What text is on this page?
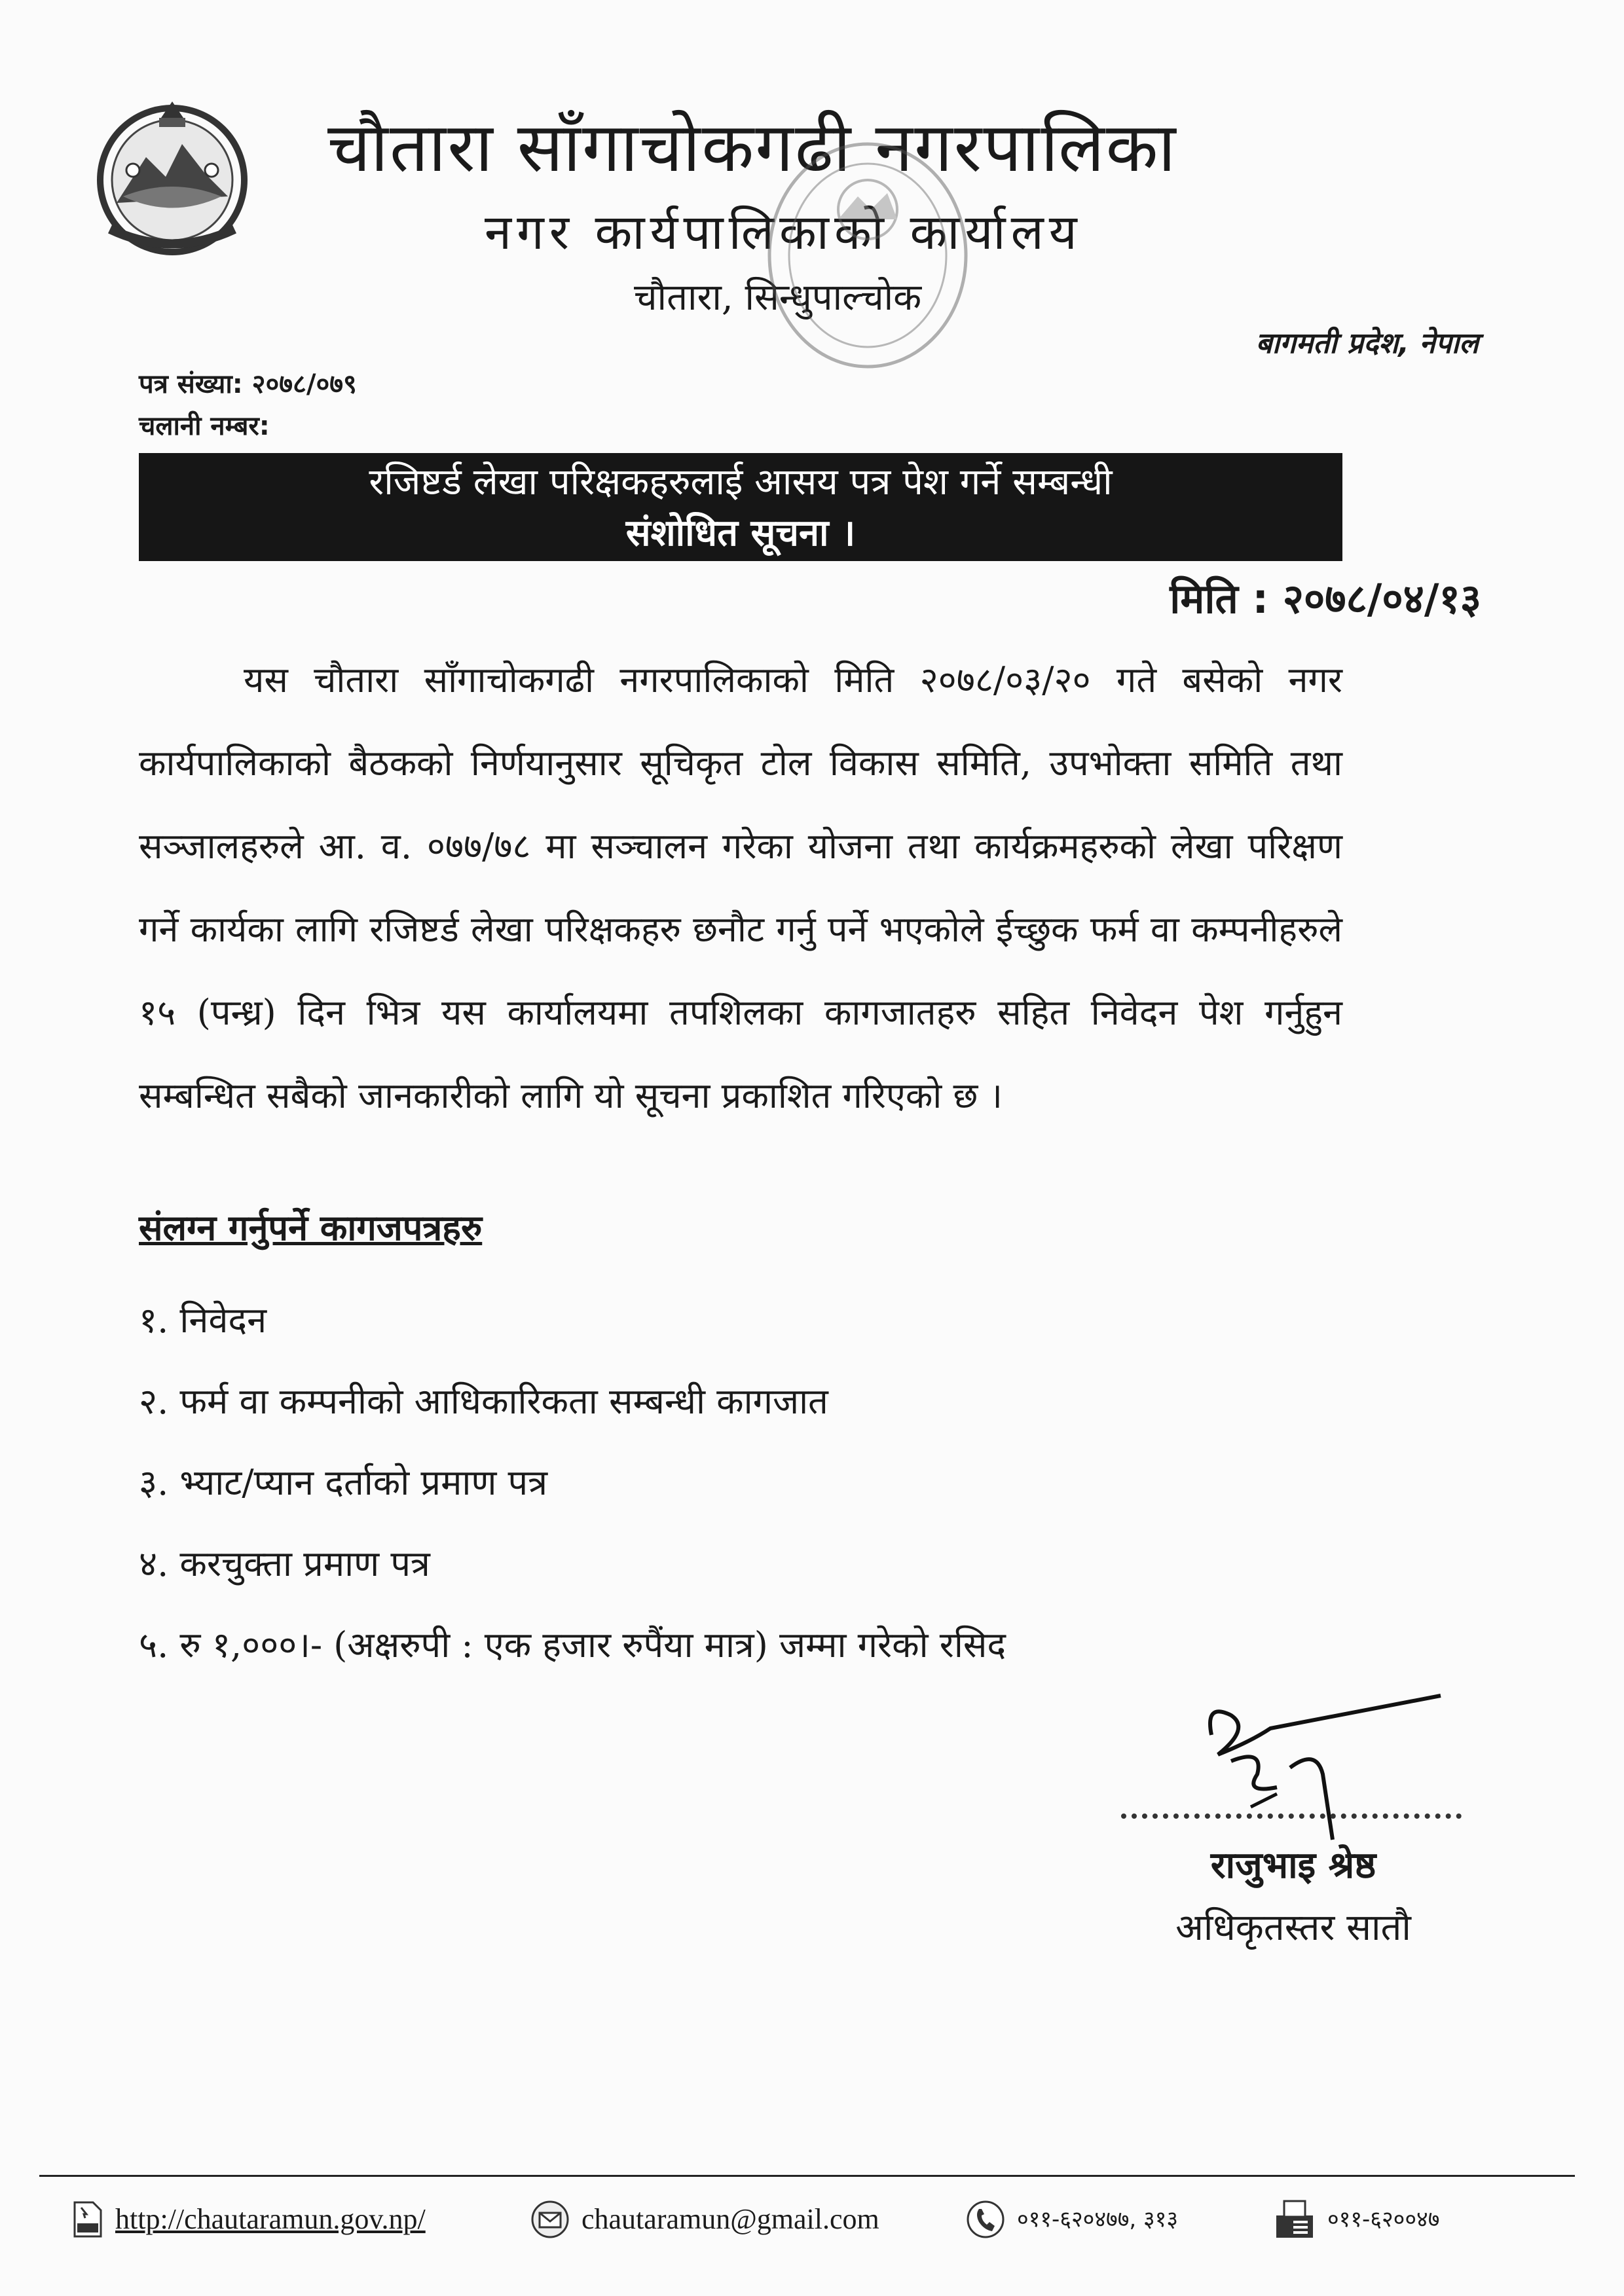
चौतारा साँगाचोकगढी नगरपालिका
नगर कार्यपालिकाको कार्यालय
चौतारा, सिन्धुपाल्चोक
बागमती प्रदेश, नेपाल
पत्र संख्या: २०७८/०७९
चलानी नम्बर:
रजिष्टर्ड लेखा परिक्षकहरुलाई आसय पत्र पेश गर्ने सम्बन्धी
संशोधित सूचना ।
मिति : २०७८/०४/१३
यस चौतारा साँगाचोकगढी नगरपालिकाको मिति २०७८/०३/२० गते बसेको नगर कार्यपालिकाको बैठकको निर्णयानुसार सूचिकृत टोल विकास समिति, उपभोक्ता समिति तथा सञ्जालहरुले आ. व. ०७७/७८ मा सञ्चालन गरेका योजना तथा कार्यक्रमहरुको लेखा परिक्षण गर्ने कार्यका लागि रजिष्टर्ड लेखा परिक्षकहरु छनौट गर्नु पर्ने भएकोले ईच्छुक फर्म वा कम्पनीहरुले १५ (पन्ध्र) दिन भित्र यस कार्यालयमा तपशिलका कागजातहरु सहित निवेदन पेश गर्नुहुन सम्बन्धित सबैको जानकारीको लागि यो सूचना प्रकाशित गरिएको छ ।
संलग्न गर्नुपर्ने कागजपत्रहरु
१. निवेदन
२. फर्म वा कम्पनीको आधिकारिकता सम्बन्धी कागजात
३. भ्याट/प्यान दर्ताको प्रमाण पत्र
४. करचुक्ता प्रमाण पत्र
५. रु १,०००।- (अक्षरुपी : एक हजार रुपैंया मात्र) जम्मा गरेको रसिद
राजुभाइ श्रेष्ठ
अधिकृतस्तर सातौ
http://chautaramun.gov.np/	chautaramun@gmail.com	०११-६२०४७७, ३१३	०११-६२००४७
